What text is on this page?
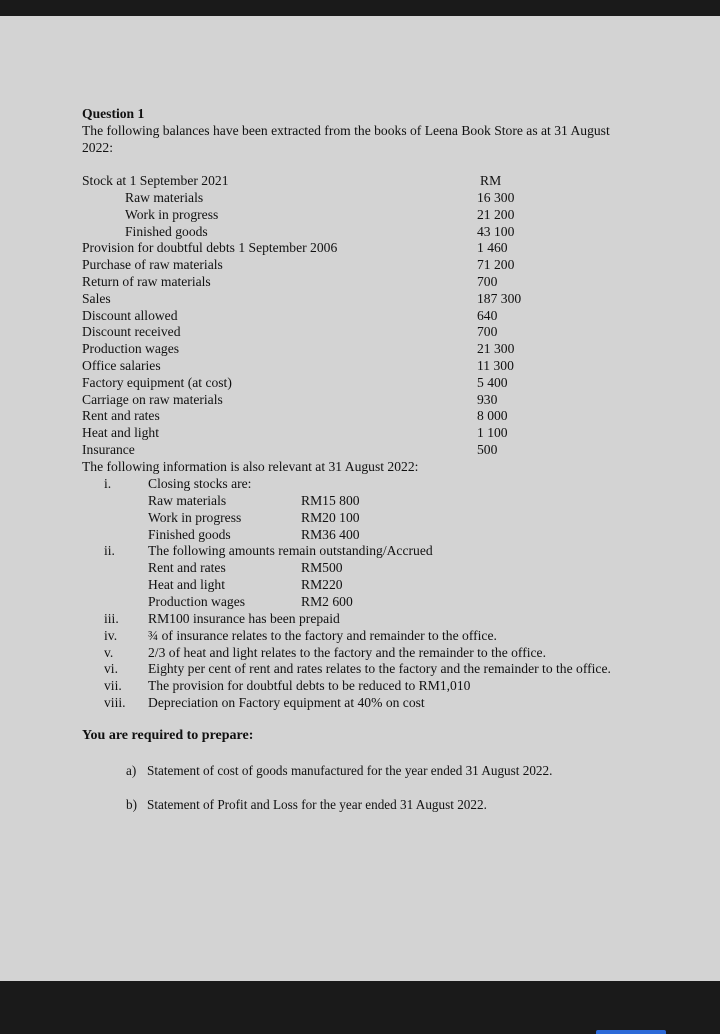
Question 1
The following balances have been extracted from the books of Leena Book Store as at 31 August
2022:
Stock at 1 September 2021	RM
Raw materials	16 300
Work in progress	21 200
Finished goods	43 100
Provision for doubtful debts 1 September 2006	1 460
Purchase of raw materials	71 200
Return of raw materials	700
Sales	187 300
Discount allowed	640
Discount received	700
Production wages	21 300
Office salaries	11 300
Factory equipment (at cost)	5 400
Carriage on raw materials	930
Rent and rates	8 000
Heat and light	1 100
Insurance	500
The following information is also relevant at 31 August 2022:
i.	Closing stocks are:
Raw materials	RM15 800
Work in progress	RM20 100
Finished goods	RM36 400
ii. The following amounts remain outstanding/Accrued
Rent and rates	RM500
Heat and light	RM220
Production wages	RM2 600
iii. RM100 insurance has been prepaid
iv. ¾ of insurance relates to the factory and remainder to the office.
v.	2/3 of heat and light relates to the factory and the remainder to the office.
vi. Eighty per cent of rent and rates relates to the factory and the remainder to the office.
vii. The provision for doubtful debts to be reduced to RM1,010
viii. Depreciation on Factory equipment at 40% on cost
You are required to prepare:
a) Statement of cost of goods manufactured for the year ended 31 August 2022.
b) Statement of Profit and Loss for the year ended 31 August 2022.
